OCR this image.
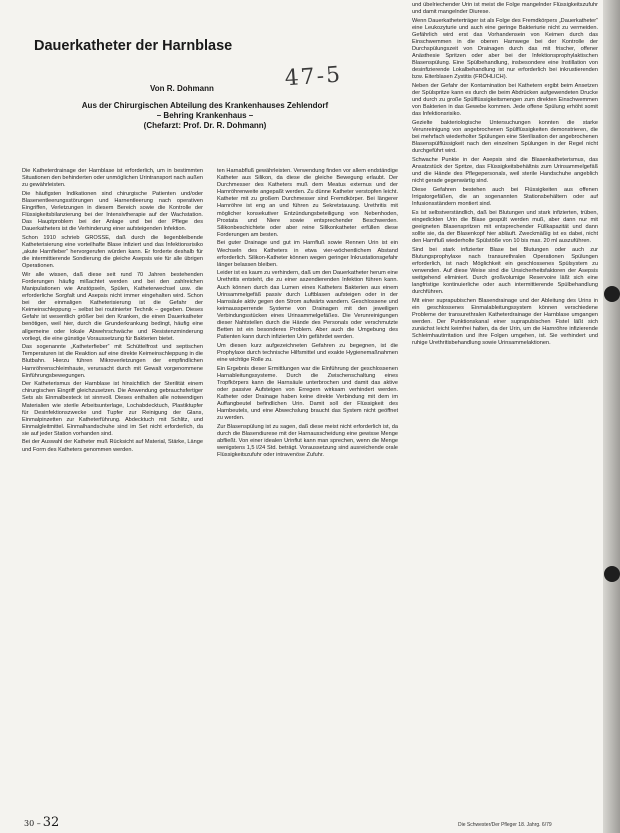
Dauerkatheter der Harnblase
47-5
Von R. Dohmann
Aus der Chirurgischen Abteilung des Krankenhauses Zehlendorf
– Behring Krankenhaus –
(Chefarzt: Prof. Dr. R. Dohmann)

Die Katheterdrainage der Harnblase ist erforderlich, um in bestimmten Situationen den behinderten oder unmöglichen Urintransport nach außen zu gewährleisten.

Die häufigsten Indikationen sind chirurgische Patienten und/oder Blasenentleerungsstörungen und Harnentleerung nach operativen Eingriffen, Verletzungen in diesem Bereich sowie die Kontrolle der Flüssigkeitsbilanzierung bei der Intensivtherapie auf der Wachstation. Das Hauptproblem bei der Anlage und bei der Pflege des Dauerkatheters ist die Verhinderung einer aufsteigenden Infektion.

Schon 1910 schrieb GROSSE, daß durch die liegenbleibende Katheterisierung eine vorteilhafte Blase infiziert und das Infektionsrisiko „akute Harnfieber“ hervorgerufen würden kann. Er forderte deshalb für die intermittierende Sondierung die gleiche Asepsis wie für alle übrigen Operationen.

Wir alle wissen, daß diese seit rund 70 Jahren bestehenden Forderungen häufig mißachtet werden und bei den zahlreichen Manipulationen wie Anstöpseln, Spülen, Katheterwechsel usw. die erforderliche Sorgfalt und Asepsis nicht immer eingehalten wird. Schon bei der einmaligen Katheterisierung ist die Gefahr der Keimeinschleppung – selbst bei routinierter Technik – gegeben. Dieses Gefahr ist wesentlich größer bei den Kranken, die einen Dauerkatheter benötigen, weil hier, durch die Grunderkrankung bedingt, häufig eine allgemeine oder lokale Abwehrschwäche und Resistenzminderung vorliegt, die eine günstige Voraussetzung für Bakterien bietet.

Das sogenannte „Katheterfieber“ mit Schüttelfrost und septischen Temperaturen ist die Reaktion auf eine direkte Keimeinschleppung in die Blutbahn. Hierzu führen Mikroverletzungen der empfindlichen Harnröhrenschleimhaute, verursacht durch mit Gewalt vorgenommene Einführungsbewegungen.

Der Katheterismus der Harnblase ist hinsichtlich der Sterilität einem chirurgischen Eingriff gleichzusetzen. Die Anwendung gebrauchsfertiger Sets als Einmalbesteck ist sinnvoll. Dieses enthalten alle notwendigen Materialien wie sterile Arbeitsunterlage, Lochabdecktuch, Plastiktupfer für Desinfektionszwecke und Tupfer zur Reinigung der Glans, Einmalpinzetten zur Katheterführung. Abdecktuch mit Schlitz, und Einmalgleitmittel. Einmalhandschuhe sind im Set nicht erforderlich, da sie auf jeder Station vorhanden sind.

Bei der Auswahl der Katheter muß Rücksicht auf Material, Stärke, Länge und Form des Katheters genommen werden.

ten Harnabfluß gewährleisten. Verwendung finden vor allem endständige Katheter aus Silikon, da diese die gleiche Bewegung erlaubt. Der Durchmesser des Katheters muß dem Meatus externus und der Harnröhrenweite angepaßt werden. Zu dünne Katheter verstopfen leicht. Katheter mit zu großem Durchmesser sind Fremdkörper. Bei längerer Harnröhre ist eng an und führen zu Sekretstauung. Urethritis mit möglicher konsekutiver Entzündungsbeteiligung von Nebenhoden, Prostata und Niere sowie entsprechender Beschwerden. Silikonbeschichtete oder aber reine Silikonkatheter erfüllen diese Forderungen am besten.

Bei guter Drainage und gut im Harnfluß sowie Rennen Urin ist ein Wechseln des Katheters in etwa vier-wöchentlichem Abstand erforderlich. Silikon-Katheter können wegen geringer Inkrustationsgefahr länger belassen bleiben.

Leider ist es kaum zu verhindern, daß um den Dauerkatheter herum eine Urethritis entsteht, die zu einer aszendierenden Infektion führen kann. Auch können durch das Lumen eines Katheters Bakterien aus einem Urinsammelgefäß passiv durch Luftblasen aufsteigen oder in der Harnsäule aktiv gegen den Strom aufwärts wandern. Geschlossene und keimaussperrende Systeme von Drainagen mit den jeweiligen Verbindungsstücken eines Urinsammelgefäßes. Die Verunreinigungen dieser Nahtstellen durch die Hände des Personals oder verschmutzte Betten ist ein besonderes Problem. Aber auch die Umgebung des Patienten kann durch infizierten Urin gefährdet werden.

Um diesen kurz aufgezeichneten Gefahren zu begegnen, ist die Prophylaxe durch technische Hilfsmittel und exakte Hygienemaßnahmen eine wichtige Rolle zu.

Ein Ergebnis dieser Ermittlungen war die Einführung der geschlossenen Harnableitungssysteme. Durch die Zwischenschaltung eines Tropfkörpers kann die Harnsäule unterbrochen und damit das aktive oder passive Aufsteigen von Erregern wirksam verhindert werden. Katheter oder Drainage haben keine direkte Verbindung mit dem im Auffangbeutel befindlichen Urin. Damit soll der Flüssigkeit des Harnbeutels, und eine Abwechslung braucht das System nicht geöffnet zu werden.

Zur Blasenspülung ist zu sagen, daß diese meist nicht erforderlich ist, da durch die Blasendiurese mit der Harnausscheidung eine gewisse Menge abfließt. Von einer idealen Urinflut kann man sprechen, wenn die Menge wenigstens 1,5 l/24 Std. beträgt. Voraussetzung sind ausreichende orale Flüssigkeitszufuhr oder intravenöse Zufuhr.

und übelriechender Urin ist meist die Folge mangelnder Flüssigkeitszufuhr und damit mangelnder Diurese.

Wenn Dauerkatheterträger ist als Folge des Fremdkörpers „Dauerkatheter“ eine Leukozyturie und auch eine geringe Bakteriurie nicht zu vermeiden. Gefährlich wird erst das Vorhandensein von Keimen durch das Einschwemmen in die oberen Harnwege bei der Kontrolle der Durchspülungszeit von Drainagen durch das mit frischer, offener Anästhesie Spritzen oder aber bei der Infektionsprophylaktischen Blasenspülung. Eine Spülbehandlung, insbesondere eine Instillation von desinfizierende Lokalbehandlung ist nur erforderlich bei inkrustierenden bzw. Eiterblasen Zystitis (FRÖHLICH).

Neben der Gefahr der Kontamination bei Kathetern ergibt beim Ansetzen der Spülspritze kann es durch die beim Abdrücken aufgewendeten Drucke und durch zu große Spülflüssigkeitsmengen zum direkten Einschwemmen von Bakterien in das Gewebe kommen. Jede offene Spülung erhöht somit das Infektionsrisiko.

Gezielte bakteriologische Untersuchungen konnten die starke Verunreinigung von angebrochenen Spülflüssigkeiten demonstrieren, die bei mehrfach wiederholter Spülungen eine Sterilisation der angebrochenen Blasenspülflüssigkeit nach den einzelnen Spülungen in der Regel nicht durchgeführt wird.

Schwache Punkte in der Asepsis sind die Blasenkatheterismus, das Ansatzstück der Spritze, das Flüssigkeitsbehältnis zum Urinsammelgefäß und die Hände des Pflegepersonals, weil sterile Handschuhe angeblich nicht gerade gegenwärtig sind.

Diese Gefahren bestehen auch bei Flüssigkeiten aus offenen Irrigatorgefäßen, die an sogenannten Stationsbehältern oder auf Infusionsständern montiert sind.

Es ist selbstverständlich, daß bei Blutungen und stark infizierten, trüben, eingedickten Urin die Blase gespült werden muß, aber dann nur mit geeigneten Blasenspritzen mit entsprechender Füllkapazität und dann sollte sie, da der Blasenkopf hier abläuft. Zweckmäßig ist es dabei, nicht den Harnfluß wiederholte Spülstöße von 10 bis max. 20 ml auszuführen.

Sind bei stark infizierter Blase bei Blutungen oder auch zur Blutungsprophylaxe nach transurethralen Operationen Spülungen erforderlich, ist nach Möglichkeit ein geschlossenes Spülsystem zu verwenden. Auf diese Weise sind die Unsicherheitsfaktoren der Asepsis weitgehend eliminiert. Durch großvolumige Reservoire läßt sich eine langfristige kontinuierliche oder auch intermittierende Spülbehandlung durchführen.

Mit einer suprapubischen Blasendrainage und der Ableitung des Urins in ein geschlossenes Einmalableitungssystem können verschiedene Probleme der transurethralen Katheterdrainage der Harnblase umgangen werden. Der Punktionskanal einer suprapubischen Fistel läßt sich zunächst leicht keimfrei halten, da der Urin, um die Harnröhre infizierende Schleimhautirritation und ihre Folgen umgehen, ist. Sie verhindert und ruhige Urethritisbehandlung sowie Urinsammelaktionen.

30 – 32	Die Schwester/Der Pfleger 18. Jahrg. 6/79
